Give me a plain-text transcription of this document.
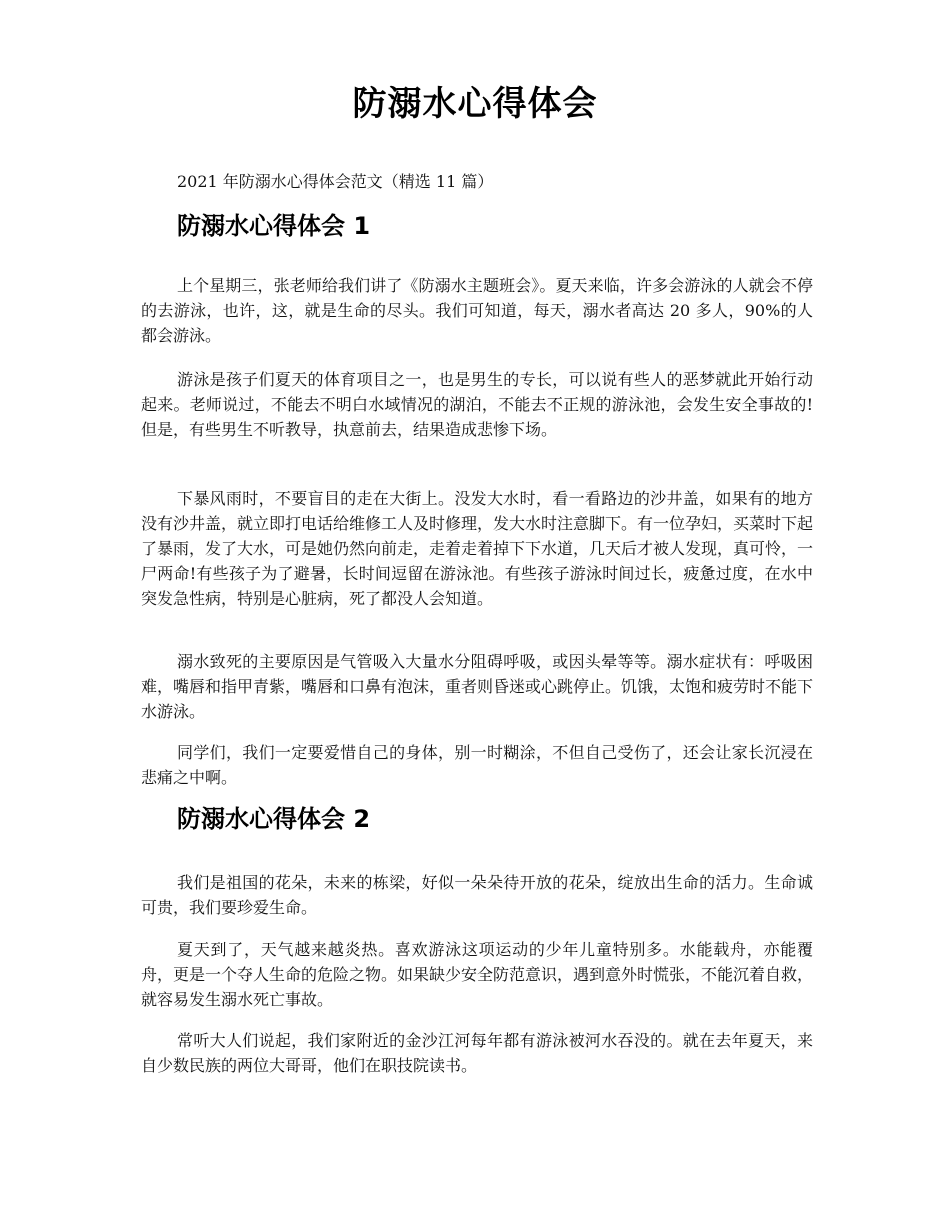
防溺水心得体会
2021 年防溺水心得体会范文（精选 11 篇）
防溺水心得体会 1

上个星期三，张老师给我们讲了《防溺水主题班会》。夏天来临，许多会游泳的人就会不停的去游泳，也许，这，就是生命的尽头。我们可知道，每天，溺水者高达 20 多人，90%的人都会游泳。

游泳是孩子们夏天的体育项目之一，也是男生的专长，可以说有些人的恶梦就此开始行动起来。老师说过，不能去不明白水域情况的湖泊，不能去不正规的游泳池，会发生安全事故的!但是，有些男生不听教导，执意前去，结果造成悲惨下场。

下暴风雨时，不要盲目的走在大街上。没发大水时，看一看路边的沙井盖，如果有的地方没有沙井盖，就立即打电话给维修工人及时修理，发大水时注意脚下。有一位孕妇，买菜时下起了暴雨，发了大水，可是她仍然向前走，走着走着掉下下水道，几天后才被人发现，真可怜，一尸两命!有些孩子为了避暑，长时间逗留在游泳池。有些孩子游泳时间过长，疲惫过度，在水中突发急性病，特别是心脏病，死了都没人会知道。

溺水致死的主要原因是气管吸入大量水分阻碍呼吸，或因头晕等等。溺水症状有：呼吸困难，嘴唇和指甲青紫，嘴唇和口鼻有泡沫，重者则昏迷或心跳停止。饥饿，太饱和疲劳时不能下水游泳。

同学们，我们一定要爱惜自己的身体，别一时糊涂，不但自己受伤了，还会让家长沉浸在悲痛之中啊。

防溺水心得体会 2

我们是祖国的花朵，未来的栋梁，好似一朵朵待开放的花朵，绽放出生命的活力。生命诚可贵，我们要珍爱生命。

夏天到了，天气越来越炎热。喜欢游泳这项运动的少年儿童特别多。水能载舟，亦能覆舟，更是一个夺人生命的危险之物。如果缺少安全防范意识，遇到意外时慌张，不能沉着自救，就容易发生溺水死亡事故。

常听大人们说起，我们家附近的金沙江河每年都有游泳被河水吞没的。就在去年夏天，来自少数民族的两位大哥哥，他们在职技院读书。
